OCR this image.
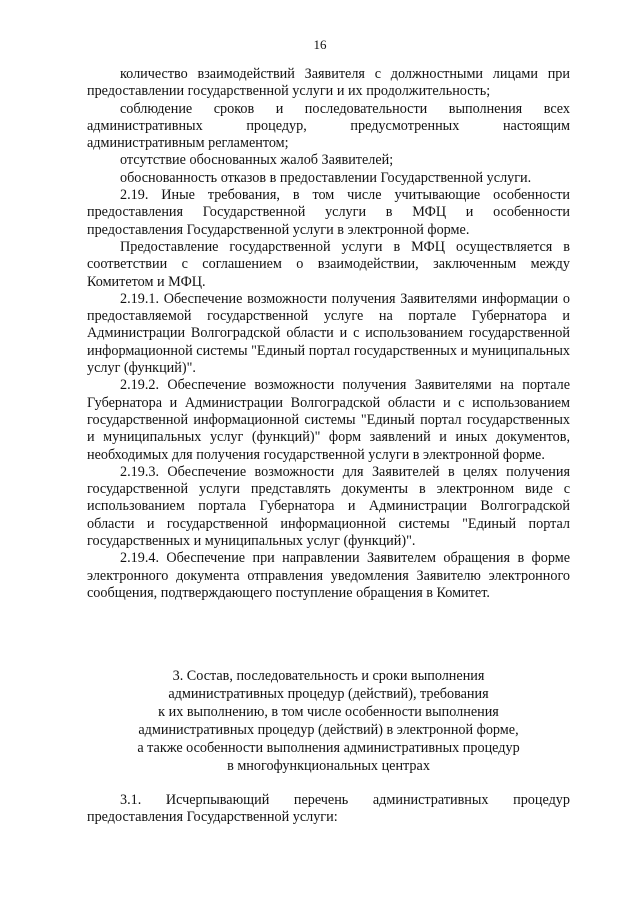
16

количество взаимодействий Заявителя с должностными лицами при предоставлении государственной услуги и их продолжительность;

соблюдение сроков и последовательности выполнения всех административных процедур, предусмотренных настоящим административным регламентом;

отсутствие обоснованных жалоб Заявителей;

обоснованность отказов в предоставлении Государственной услуги.

2.19. Иные требования, в том числе учитывающие особенности предоставления Государственной услуги в МФЦ и особенности предоставления Государственной услуги в электронной форме.

Предоставление государственной услуги в МФЦ осуществляется в соответствии с соглашением о взаимодействии, заключенным между Комитетом и МФЦ.

2.19.1. Обеспечение возможности получения Заявителями информации о предоставляемой государственной услуге на портале Губернатора и Администрации Волгоградской области и с использованием государственной информационной системы "Единый портал государственных и муниципальных услуг (функций)".

2.19.2. Обеспечение возможности получения Заявителями на портале Губернатора и Администрации Волгоградской области и с использованием государственной информационной системы "Единый портал государственных и муниципальных услуг (функций)" форм заявлений и иных документов, необходимых для получения государственной услуги в электронной форме.

2.19.3. Обеспечение возможности для Заявителей в целях получения государственной услуги представлять документы в электронном виде с использованием портала Губернатора и Администрации Волгоградской области и государственной информационной системы "Единый портал государственных и муниципальных услуг (функций)".

2.19.4. Обеспечение при направлении Заявителем обращения в форме электронного документа отправления уведомления Заявителю электронного сообщения, подтверждающего поступление обращения в Комитет.

3. Состав, последовательность и сроки выполнения
административных процедур (действий), требования
к их выполнению, в том числе особенности выполнения
административных процедур (действий) в электронной форме,
а также особенности выполнения административных процедур
в многофункциональных центрах

3.1. Исчерпывающий перечень административных процедур предоставления Государственной услуги:
